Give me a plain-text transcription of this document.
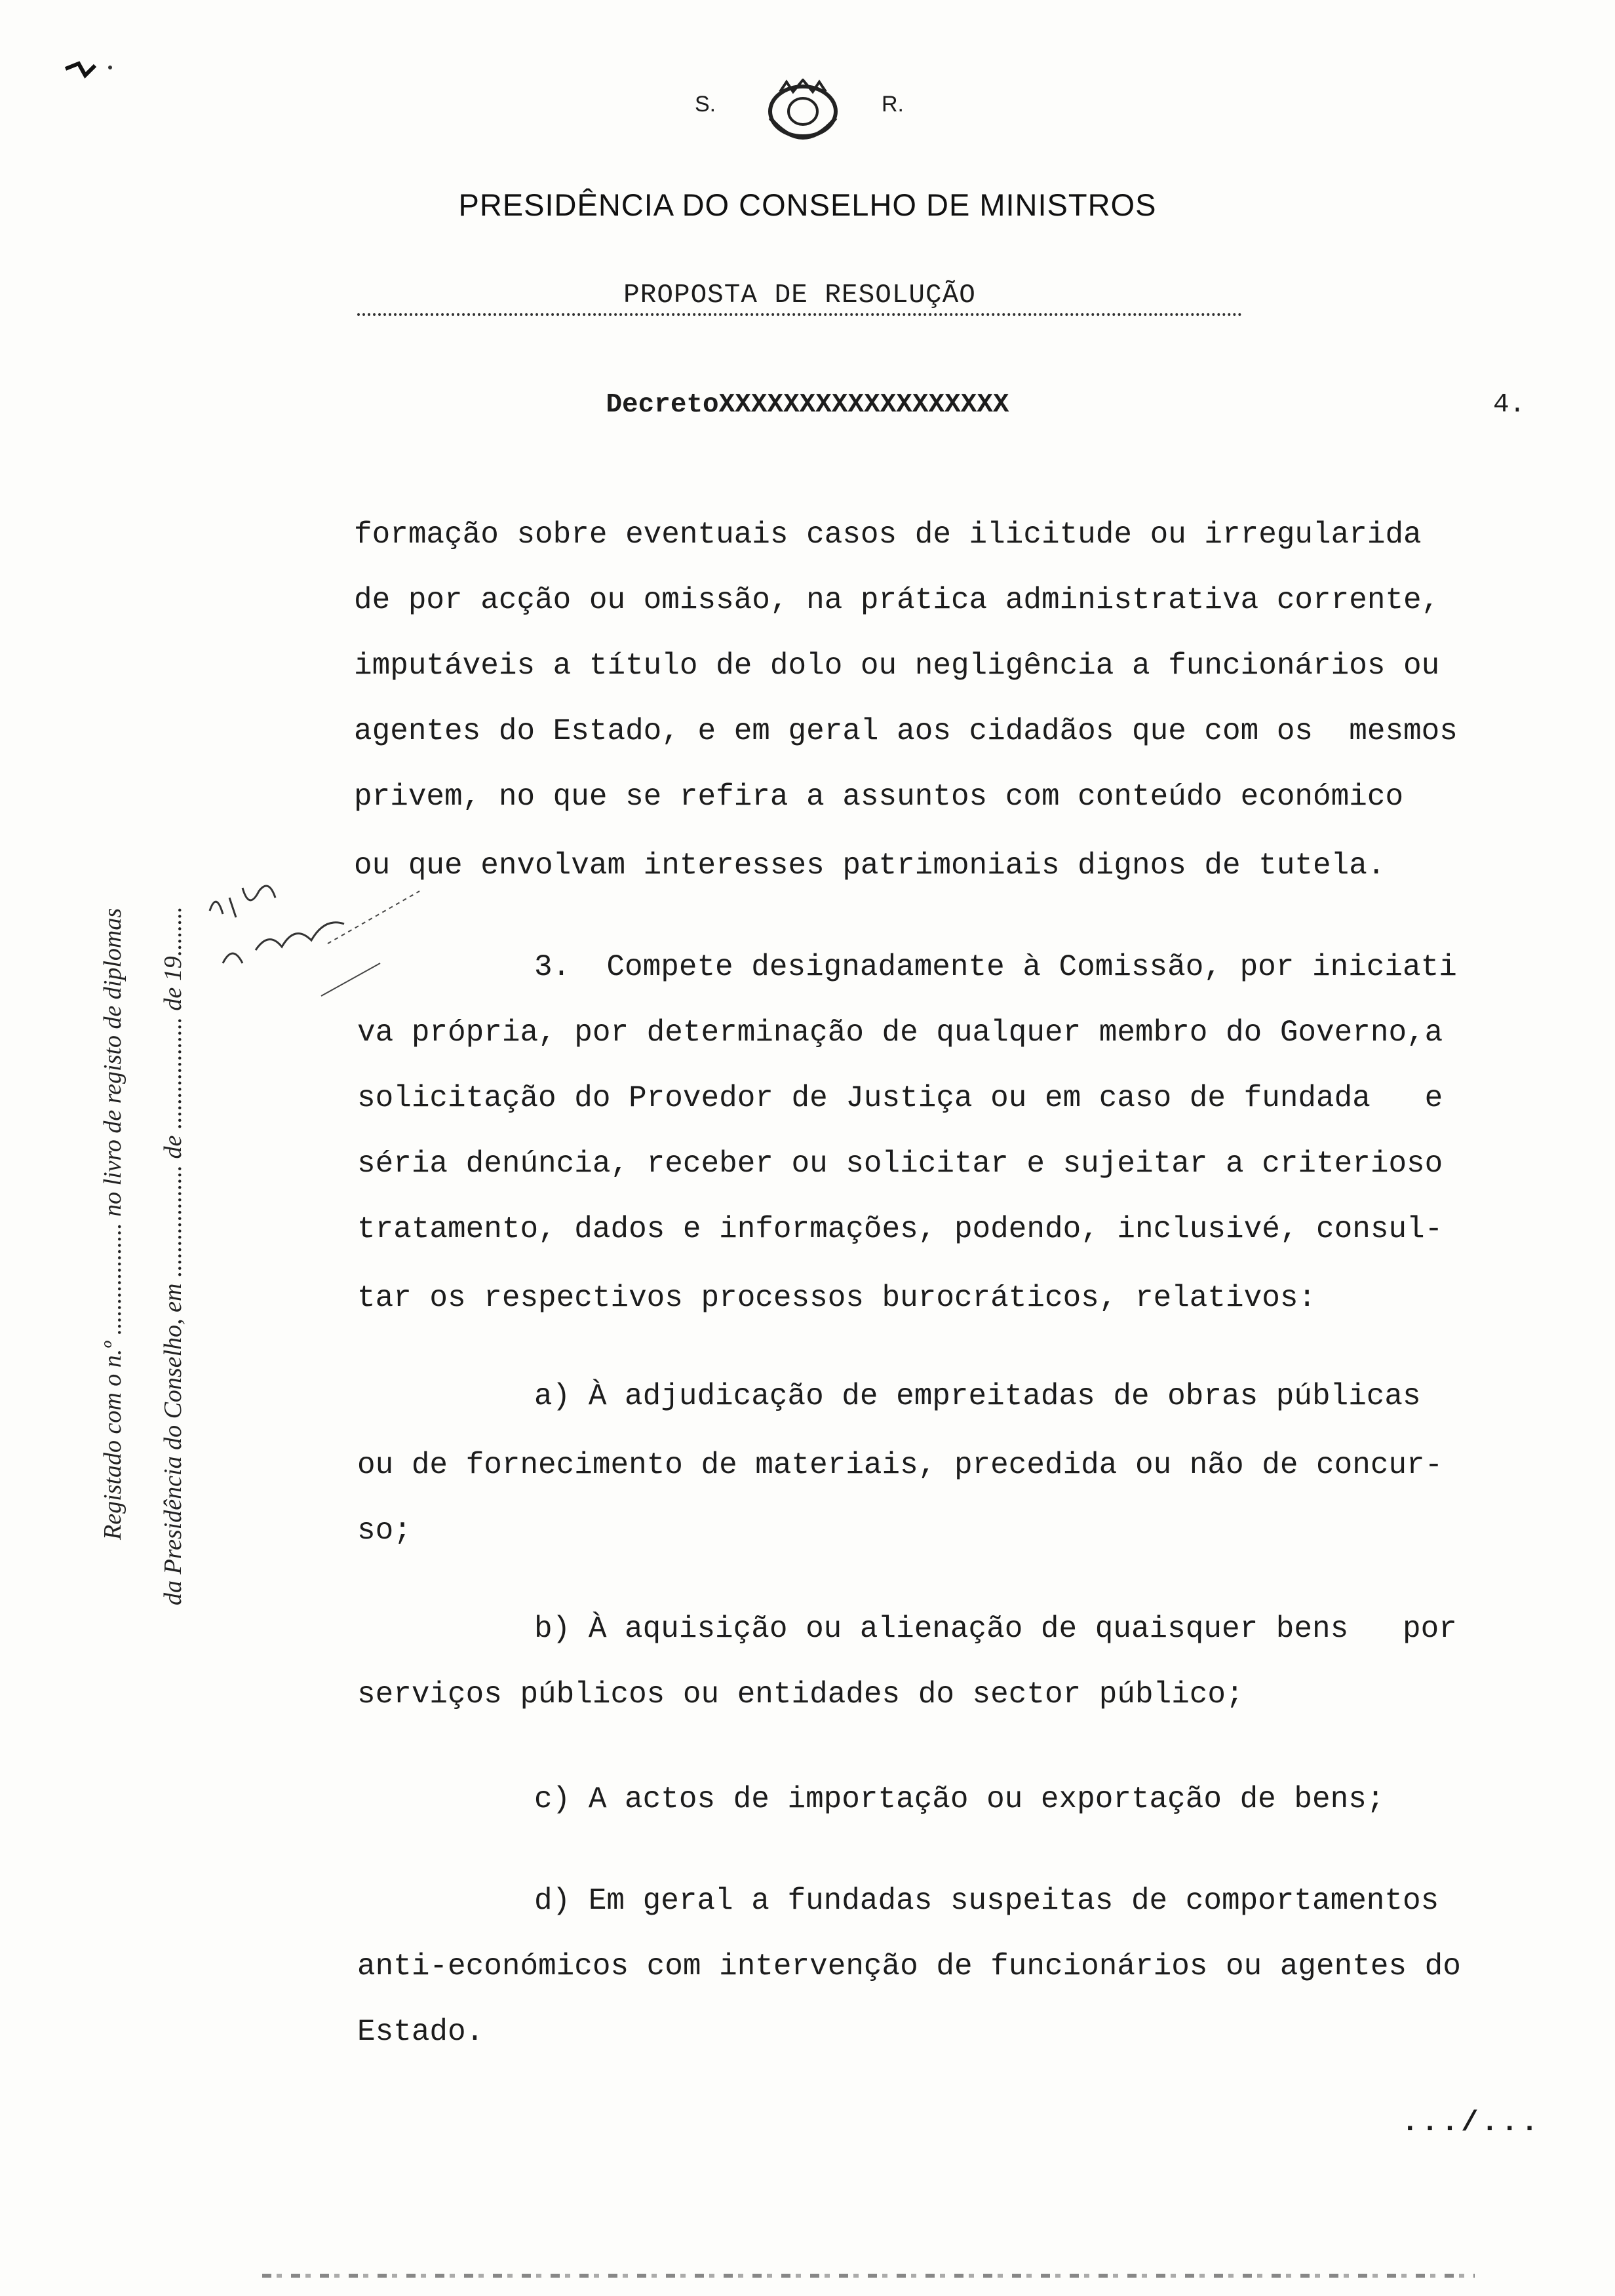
S.	R.
PRESIDÊNCIA DO CONSELHO DE MINISTROS
PROPOSTA DE RESOLUÇÃO
DecretoXXXXXXXXXXXXXXXXXX	4.
formação sobre eventuais casos de ilicitude ou irregularida
de por acção ou omissão, na prática administrativa corrente,
imputáveis a título de dolo ou negligência a funcionários ou
agentes do Estado, e em geral aos cidadãos que com os  mesmos
privem, no que se refira a assuntos com conteúdo económico
ou que envolvam interesses patrimoniais dignos de tutela.
3.  Compete designadamente à Comissão, por iniciati
va própria, por determinação de qualquer membro do Governo,a
solicitação do Provedor de Justiça ou em caso de fundada   e
séria denúncia, receber ou solicitar e sujeitar a criterioso
tratamento, dados e informações, podendo, inclusivé, consul-
tar os respectivos processos burocráticos, relativos:
a) À adjudicação de empreitadas de obras públicas
ou de fornecimento de materiais, precedida ou não de concur-
so;
b) À aquisição ou alienação de quaisquer bens   por
serviços públicos ou entidades do sector público;
c) A actos de importação ou exportação de bens;
d) Em geral a fundadas suspeitas de comportamentos
anti-económicos com intervenção de funcionários ou agentes do
Estado.
Registado com o n.º .................. no livro de registo de diplomas da Presidência do Conselho, em .................. de .................. de 19........
.../...
